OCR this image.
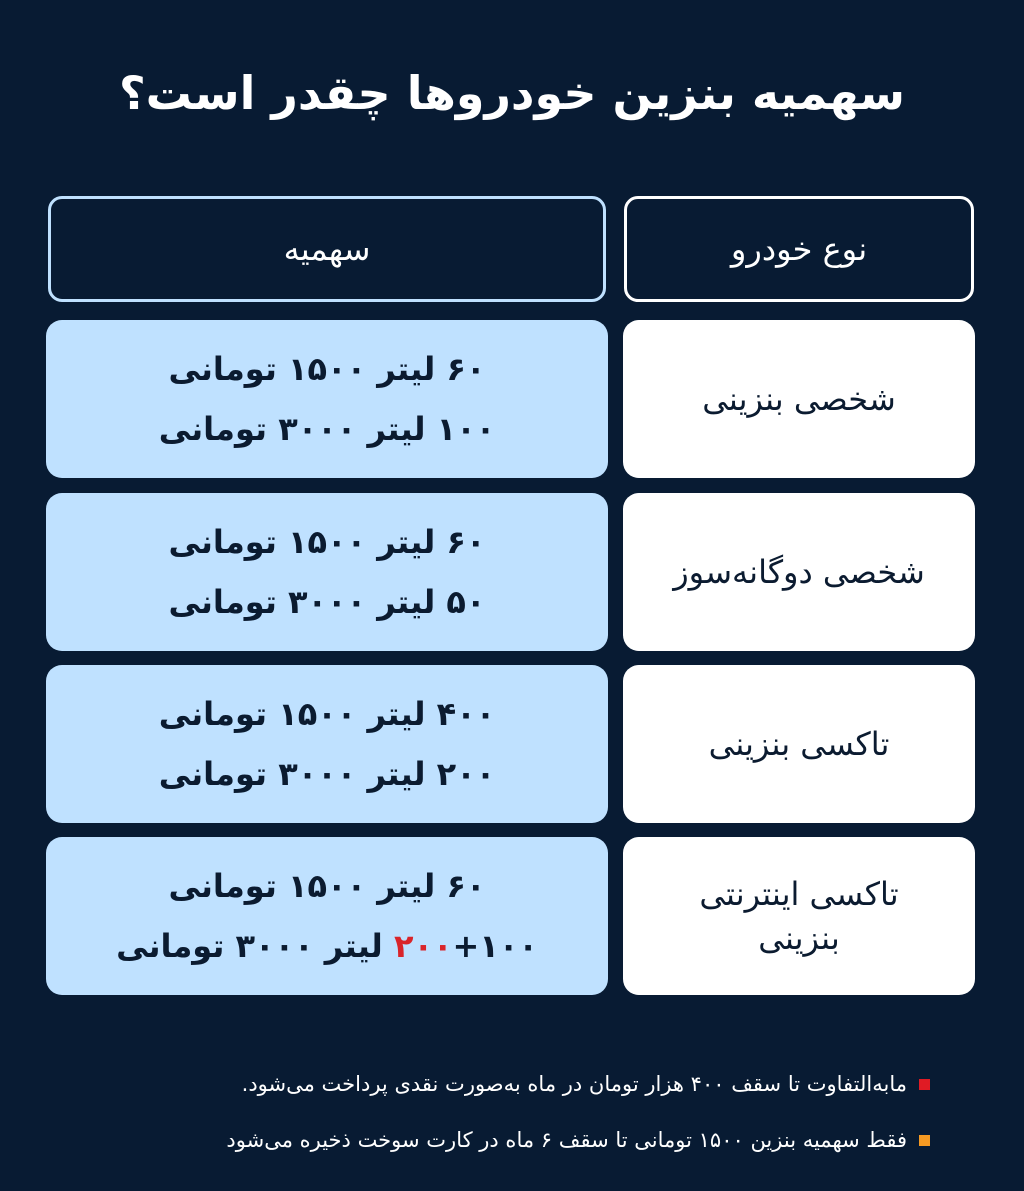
سهمیه بنزین خودروها چقدر است؟
سهمیه	نوع خودرو
۶۰ لیتر ۱۵۰۰ تومانی
۱۰۰ لیتر ۳۰۰۰ تومانی
شخصی بنزینی
۶۰ لیتر ۱۵۰۰ تومانی
۵۰ لیتر ۳۰۰۰ تومانی
شخصی دوگانه‌سوز
۴۰۰ لیتر ۱۵۰۰ تومانی
۲۰۰ لیتر ۳۰۰۰ تومانی
تاکسی بنزینی
۶۰ لیتر ۱۵۰۰ تومانی
۲۰۰+۱۰۰ لیتر ۳۰۰۰ تومانی
تاکسی اینترنتی
بنزینی
مابه‌التفاوت تا سقف ۴۰۰ هزار تومان در ماه به‌صورت نقدی پرداخت می‌شود.
فقط سهمیه بنزین ۱۵۰۰ تومانی تا سقف ۶ ماه در کارت سوخت ذخیره می‌شود
